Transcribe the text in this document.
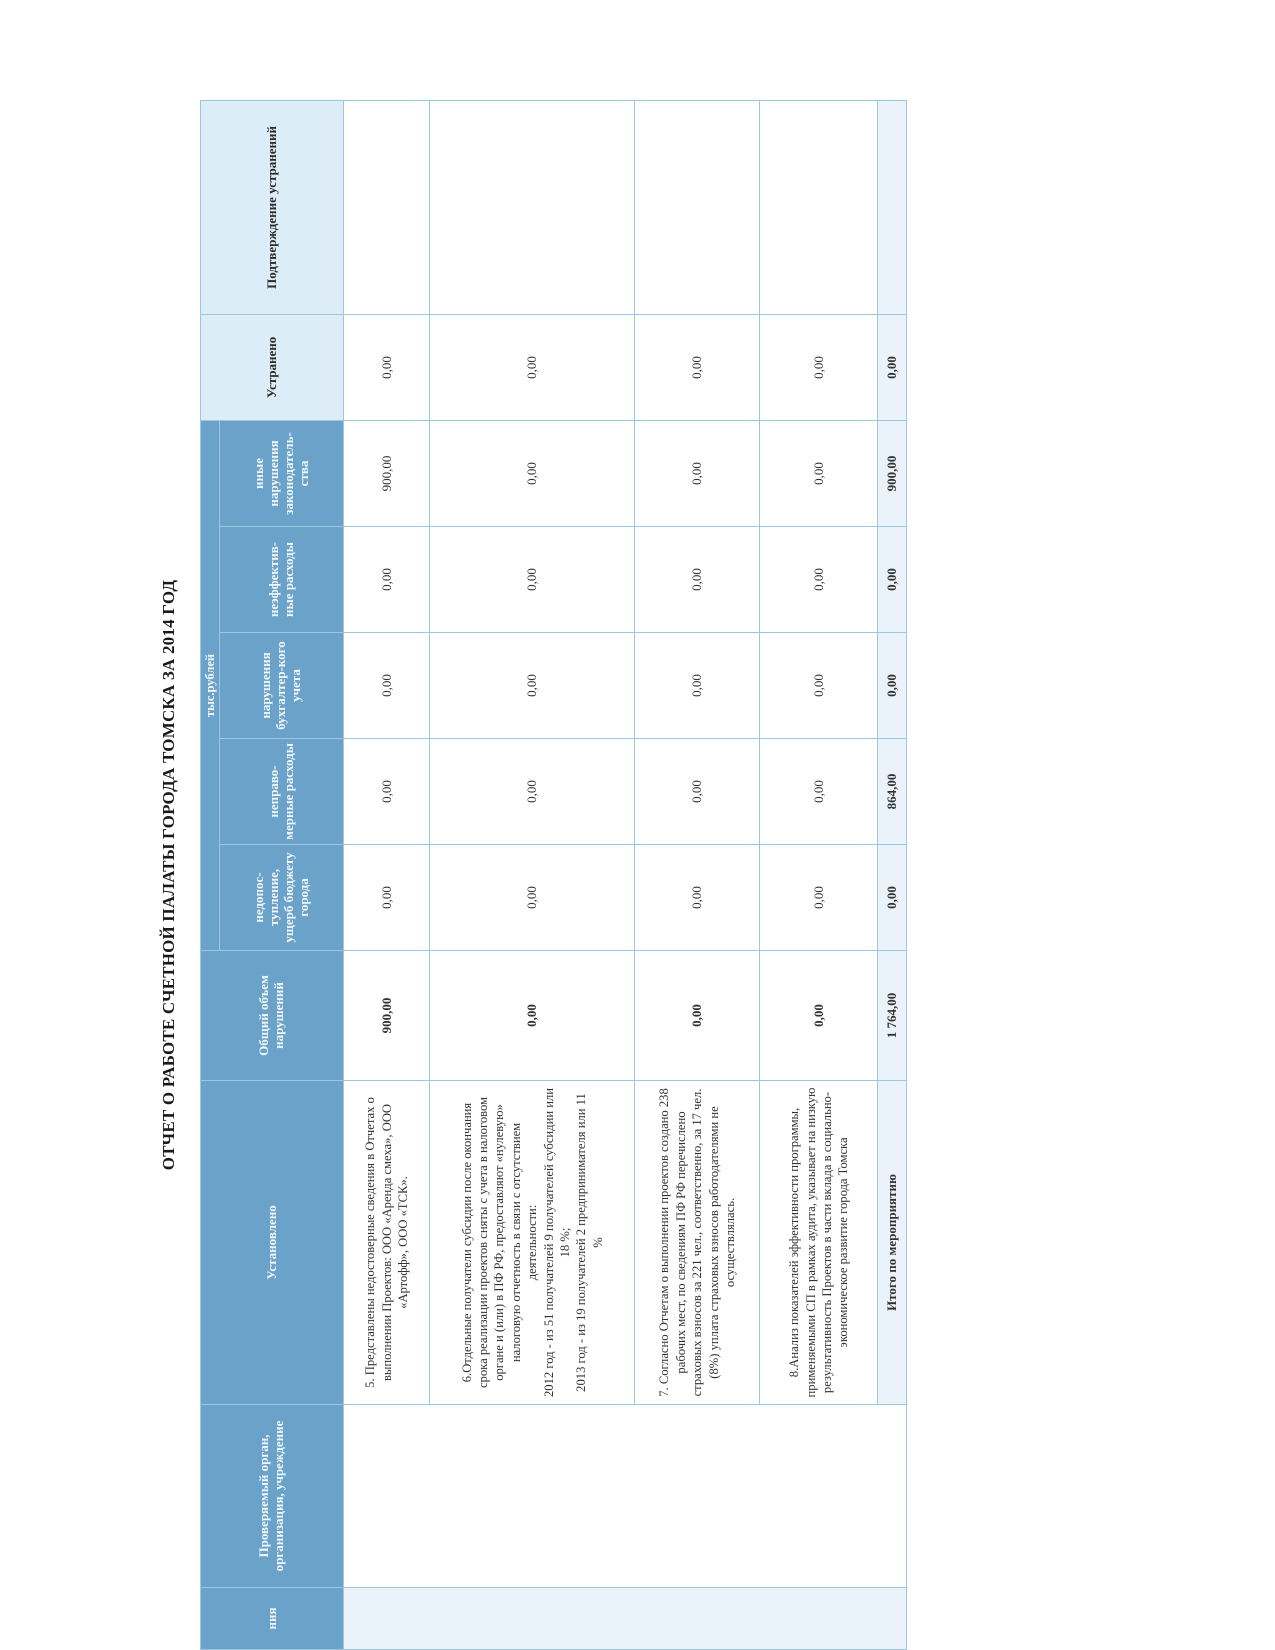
ОТЧЕТ О РАБОТЕ СЧЕТНОЙ ПАЛАТЫ ГОРОДА ТОМСКА ЗА 2014 ГОД
ния	Проверяемый орган, организация, учреждение	Установлено	Общий объем нарушений	тыс.рублей					Устранено	Подтверждение устранений
				недопос-тупление, ущерб бюджету города	неправо-мерные расходы	нарушения бухгалтер-кого учета	неэффектив-ные расходы	иные нарушения законодатель-ства		

		5. Представлены недостоверные сведения в Отчетах о выполнении Проектов: ООО «Аренда смеха», ООО «Артофф», ООО «ТСК».	900,00	0,00	0,00	0,00	0,00	900,00	0,00	

		6.Отдельные получатели субсидии после окончания срока реализации проектов сняты с учета в налоговом органе и (или) в ПФ РФ, предоставляют «нулевую» налоговую отчетность в связи с отсутствием деятельности: 2012 год - из 51 получателей 9 получателей субсидии или 18 %; 2013 год - из 19 получателей 2 предпринимателя или 11 %	0,00	0,00	0,00	0,00	0,00	0,00	0,00	

		7. Согласно Отчетам о выполнении проектов создано 238 рабочих мест, по сведениям ПФ РФ перечислено страховых взносов за 221 чел., соответственно, за 17 чел. (8%) уплата страховых взносов работодателями не осуществлялась.	0,00	0,00	0,00	0,00	0,00	0,00	0,00	

		8.Анализ показателей эффективности программы, применяемыми СП в рамках аудита, указывает на низкую результативность Проектов в части вклада в социально-экономическое развитие города Томска	0,00	0,00	0,00	0,00	0,00	0,00	0,00	
		Итого по мероприятию	1 764,00	0,00	864,00	0,00	0,00	900,00	0,00	
